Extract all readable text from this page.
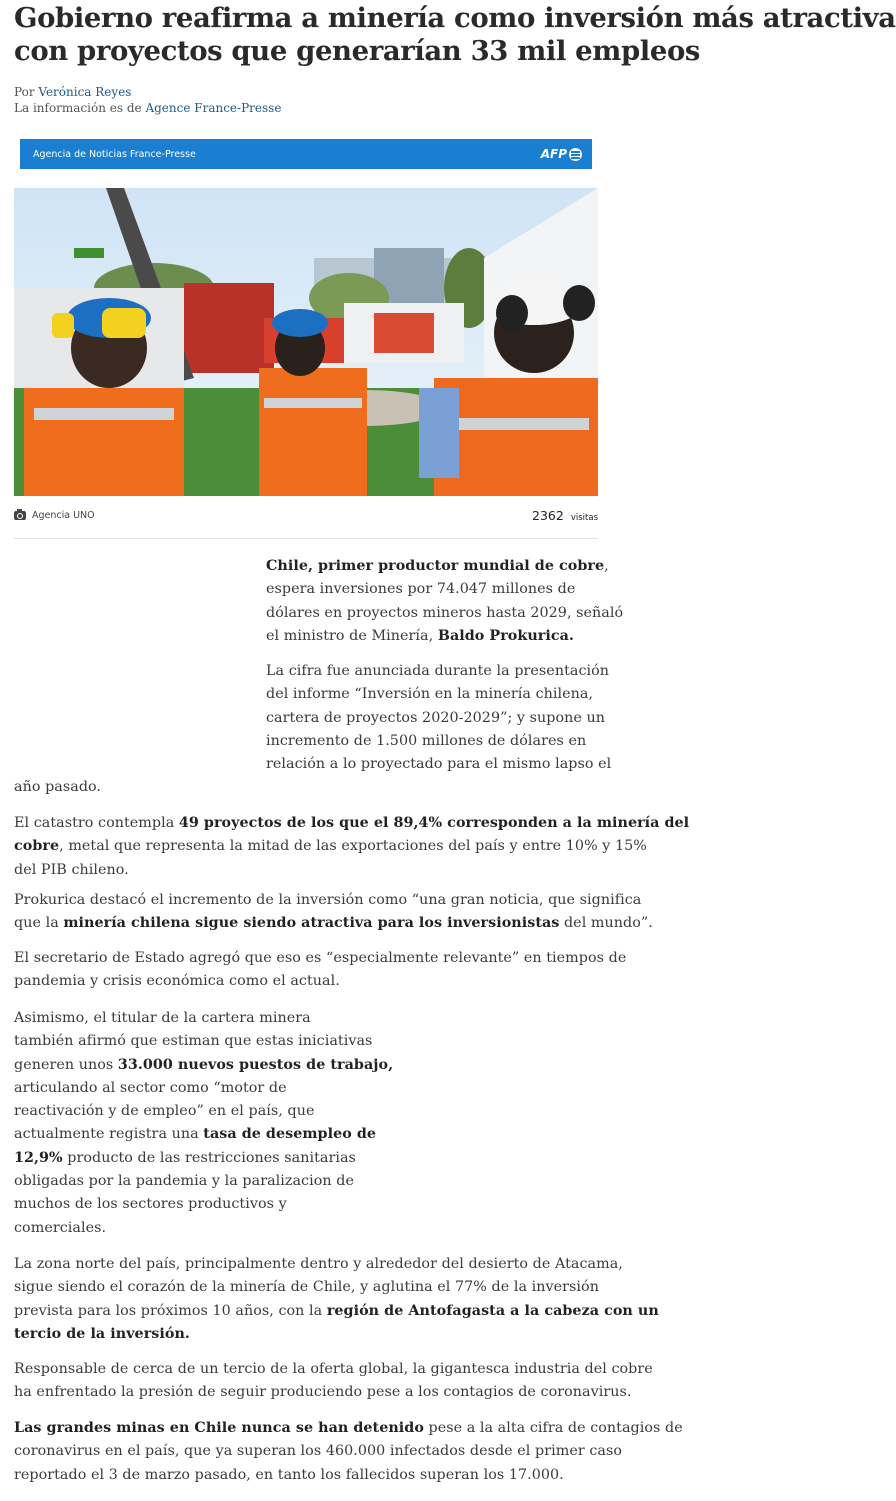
Gobierno reafirma a minería como inversión más atractiva
con proyectos que generarían 33 mil empleos
Por Verónica Reyes
La información es de Agence France-Presse
Agencia de Noticias France-Presse	AFP
Agencia UNO	2362 visitas
Chile, primer productor mundial de cobre,
espera inversiones por 74.047 millones de
dólares en proyectos mineros hasta 2029, señaló
el ministro de Minería, Baldo Prokurica.
La cifra fue anunciada durante la presentación
del informe “Inversión en la minería chilena,
cartera de proyectos 2020-2029”; y supone un
incremento de 1.500 millones de dólares en
relación a lo proyectado para el mismo lapso el
año pasado.
El catastro contempla 49 proyectos de los que el 89,4% corresponden a la minería del
cobre, metal que representa la mitad de las exportaciones del país y entre 10% y 15%
del PIB chileno.
Prokurica destacó el incremento de la inversión como “una gran noticia, que significa
que la minería chilena sigue siendo atractiva para los inversionistas del mundo”.
El secretario de Estado agregó que eso es “especialmente relevante” en tiempos de
pandemia y crisis económica como el actual.
Asimismo, el titular de la cartera minera
también afirmó que estiman que estas iniciativas
generen unos 33.000 nuevos puestos de trabajo,
articulando al sector como “motor de
reactivación y de empleo” en el país, que
actualmente registra una tasa de desempleo de
12,9% producto de las restricciones sanitarias
obligadas por la pandemia y la paralizacion de
muchos de los sectores productivos y
comerciales.
La zona norte del país, principalmente dentro y alrededor del desierto de Atacama,
sigue siendo el corazón de la minería de Chile, y aglutina el 77% de la inversión
prevista para los próximos 10 años, con la región de Antofagasta a la cabeza con un
tercio de la inversión.
Responsable de cerca de un tercio de la oferta global, la gigantesca industria del cobre
ha enfrentado la presión de seguir produciendo pese a los contagios de coronavirus.
Las grandes minas en Chile nunca se han detenido pese a la alta cifra de contagios de
coronavirus en el país, que ya superan los 460.000 infectados desde el primer caso
reportado el 3 de marzo pasado, en tanto los fallecidos superan los 17.000.
